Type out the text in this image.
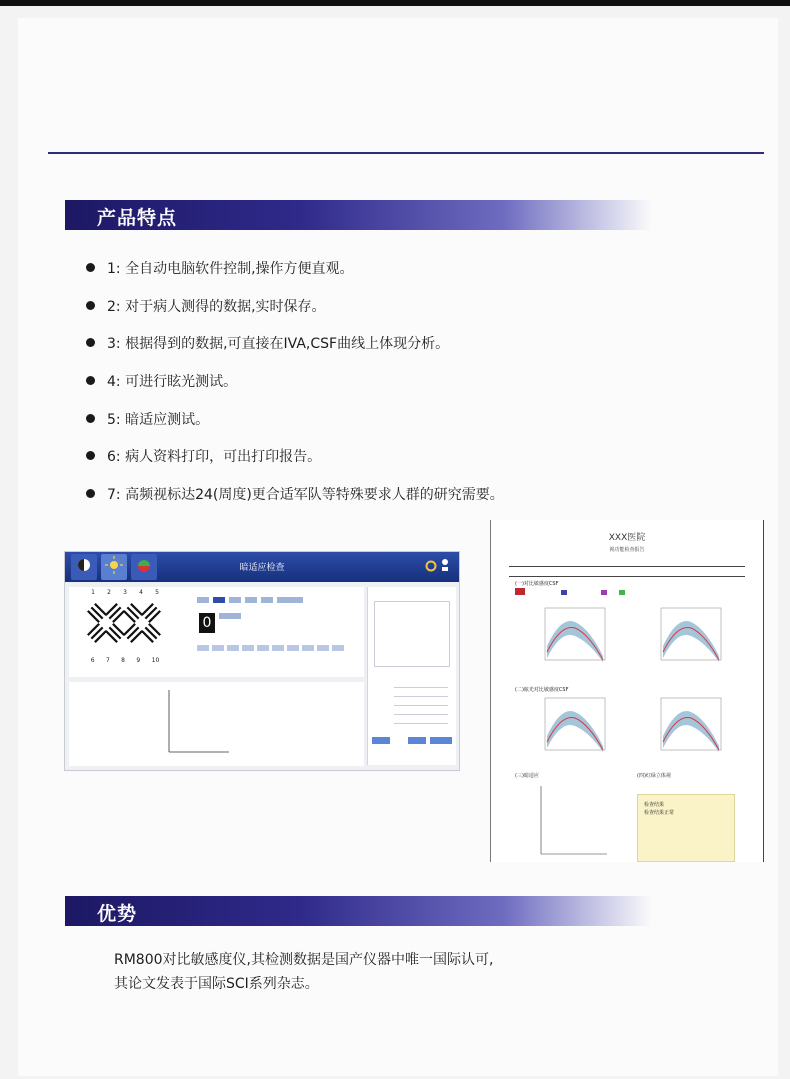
产品特点
1: 全自动电脑软件控制,操作方便直观。
2: 对于病人测得的数据,实时保存。
3: 根据得到的数据,可直接在IVA,CSF曲线上体现分析。
4: 可进行眩光测试。
5: 暗适应测试。
6: 病人资料打印，可出打印报告。
7: 高频视标达24(周度)更合适军队等特殊要求人群的研究需要。
暗适应检查
1 2 3 4 5
6 7 8 9 10
0
XXX医院
视功能检查报告
(一)对比敏感度CSF
(二)眩光对比敏感度CSF
(三)暗适应	(四)红绿立体视
检查结果
检查结果正常
优势
RM800对比敏感度仪,其检测数据是国产仪器中唯一国际认可,
其论文发表于国际SCI系列杂志。
